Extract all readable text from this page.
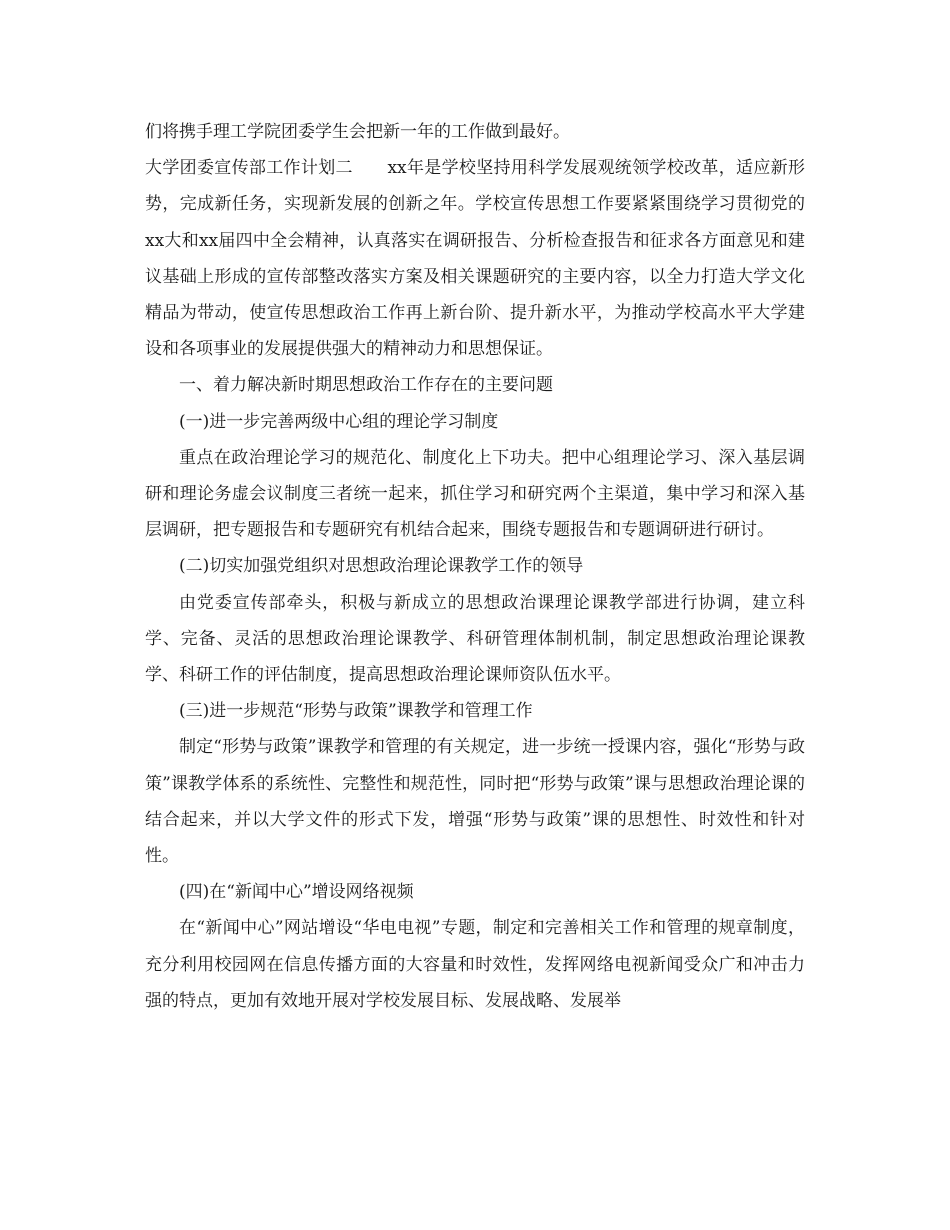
们将携手理工学院团委学生会把新一年的工作做到最好。

大学团委宣传部工作计划二　　xx年是学校坚持用科学发展观统领学校改革，适应新形势，完成新任务，实现新发展的创新之年。学校宣传思想工作要紧紧围绕学习贯彻党的xx大和xx届四中全会精神，认真落实在调研报告、分析检查报告和征求各方面意见和建议基础上形成的宣传部整改落实方案及相关课题研究的主要内容，以全力打造大学文化精品为带动，使宣传思想政治工作再上新台阶、提升新水平，为推动学校高水平大学建设和各项事业的发展提供强大的精神动力和思想保证。

一、着力解决新时期思想政治工作存在的主要问题

(一)进一步完善两级中心组的理论学习制度

重点在政治理论学习的规范化、制度化上下功夫。把中心组理论学习、深入基层调研和理论务虚会议制度三者统一起来，抓住学习和研究两个主渠道，集中学习和深入基层调研，把专题报告和专题研究有机结合起来，围绕专题报告和专题调研进行研讨。

(二)切实加强党组织对思想政治理论课教学工作的领导

由党委宣传部牵头，积极与新成立的思想政治课理论课教学部进行协调，建立科学、完备、灵活的思想政治理论课教学、科研管理体制机制，制定思想政治理论课教学、科研工作的评估制度，提高思想政治理论课师资队伍水平。

(三)进一步规范“形势与政策”课教学和管理工作

制定“形势与政策”课教学和管理的有关规定，进一步统一授课内容，强化“形势与政策”课教学体系的系统性、完整性和规范性，同时把“形势与政策”课与思想政治理论课的结合起来，并以大学文件的形式下发，增强“形势与政策”课的思想性、时效性和针对性。

(四)在“新闻中心”增设网络视频

在“新闻中心”网站增设“华电电视”专题，制定和完善相关工作和管理的规章制度，充分利用校园网在信息传播方面的大容量和时效性，发挥网络电视新闻受众广和冲击力强的特点，更加有效地开展对学校发展目标、发展战略、发展举
